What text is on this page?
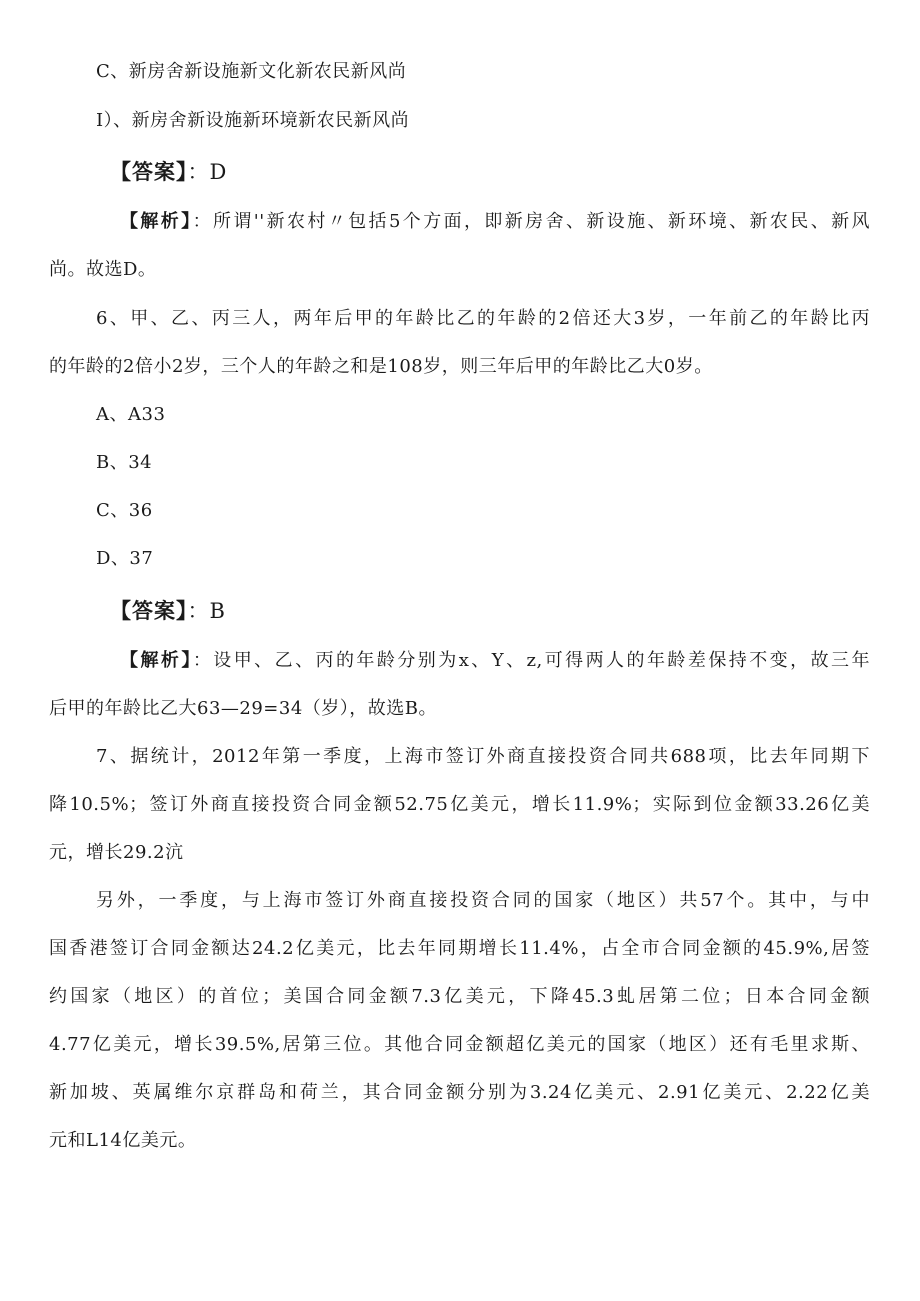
C、新房舍新设施新文化新农民新风尚
I）、新房舍新设施新环境新农民新风尚
【答案】：D
【解析】：所谓''新农村〃包括5个方面，即新房舍、新设施、新环境、新农民、新风
尚。故选D。
6、甲、乙、丙三人，两年后甲的年龄比乙的年龄的2倍还大3岁，一年前乙的年龄比丙
的年龄的2倍小2岁，三个人的年龄之和是108岁，则三年后甲的年龄比乙大0岁。
A、A33
B、34
C、36
D、37
【答案】：B
【解析】：设甲、乙、丙的年龄分别为x、Y、z,可得两人的年龄差保持不变，故三年
后甲的年龄比乙大63—29=34（岁），故选B。
7、据统计，2012年第一季度，上海市签订外商直接投资合同共688项，比去年同期下
降10.5%；签订外商直接投资合同金额52.75亿美元，增长11.9%；实际到位金额33.26亿美
元，增长29.2沆
另外，一季度，与上海市签订外商直接投资合同的国家（地区）共57个。其中，与中
国香港签订合同金额达24.2亿美元，比去年同期增长11.4%，占全市合同金额的45.9%,居签
约国家（地区）的首位；美国合同金额7.3亿美元，下降45.3虬居第二位；日本合同金额
4.77亿美元，增长39.5%,居第三位。其他合同金额超亿美元的国家（地区）还有毛里求斯、
新加坡、英属维尔京群岛和荷兰，其合同金额分别为3.24亿美元、2.91亿美元、2.22亿美
元和L14亿美元。
